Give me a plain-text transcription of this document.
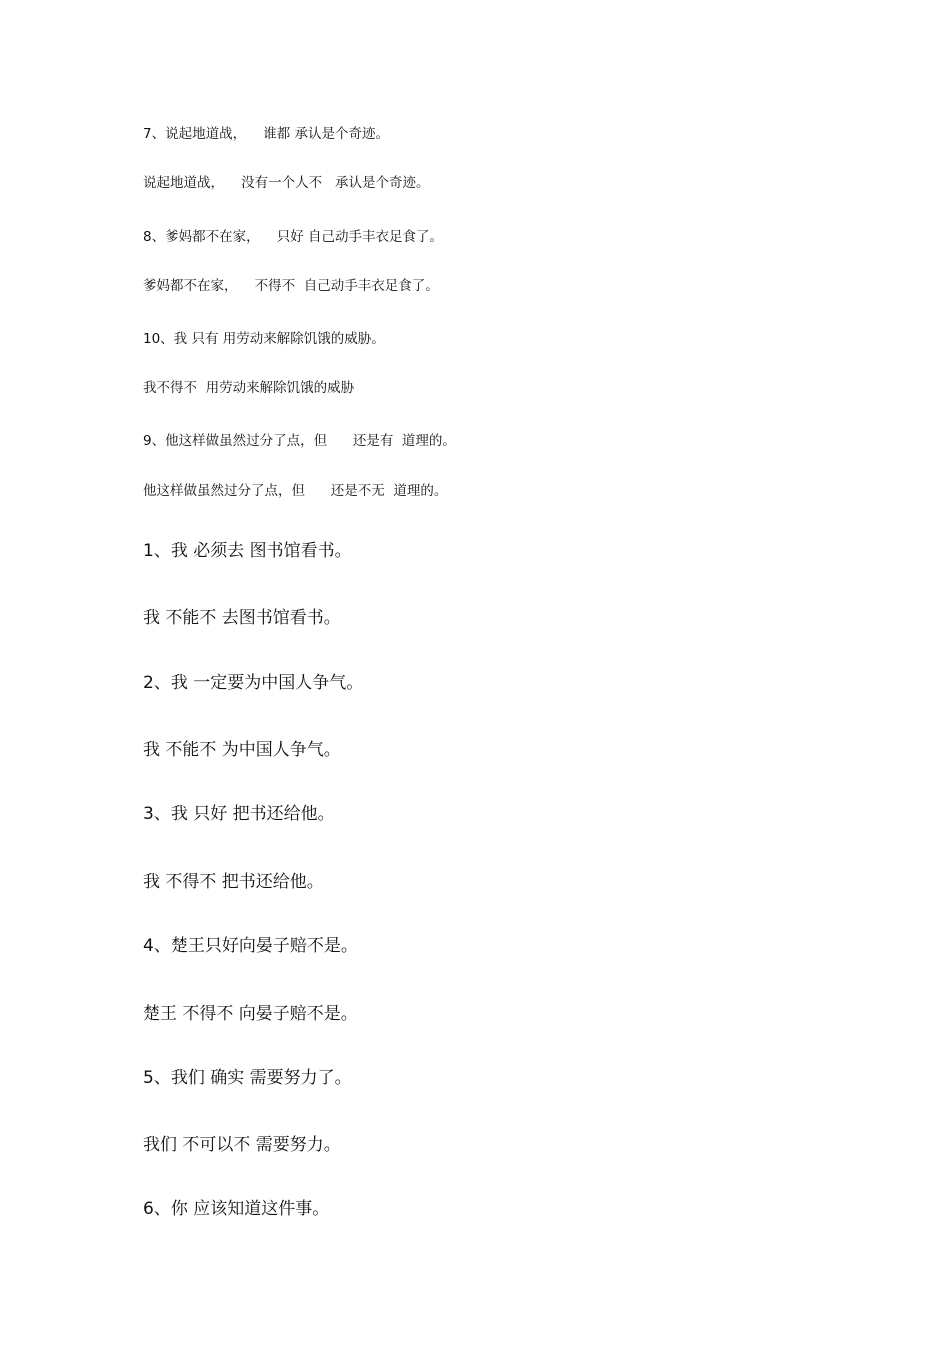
7、说起地道战，    谁都 承认是个奇迹。
说起地道战，    没有一个人不   承认是个奇迹。
8、爹妈都不在家，    只好 自己动手丰衣足食了。
爹妈都不在家，    不得不  自己动手丰衣足食了。
10、我 只有 用劳动来解除饥饿的威胁。
我不得不  用劳动来解除饥饿的威胁
9、他这样做虽然过分了点，但      还是有  道理的。
他这样做虽然过分了点，但      还是不无  道理的。
1、我 必须去 图书馆看书。
我 不能不 去图书馆看书。
2、我 一定要为中国人争气。
我 不能不 为中国人争气。
3、我 只好 把书还给他。
我 不得不 把书还给他。
4、楚王只好向晏子赔不是。
楚王 不得不 向晏子赔不是。
5、我们 确实 需要努力了。
我们 不可以不 需要努力。
6、你 应该知道这件事。
